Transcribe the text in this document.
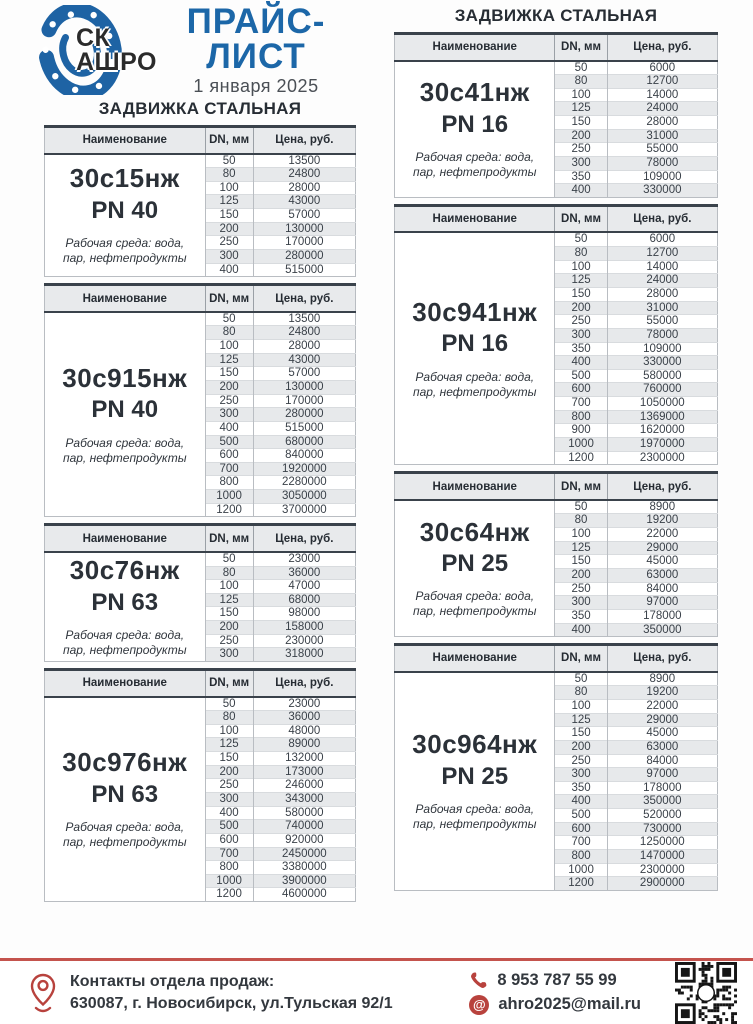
СК
АШРО
ПРАЙС-ЛИСТ
1 января 2025
ЗАДВИЖКА СТАЛЬНАЯ
Наименование	DN, мм	Цена, руб.

30с15нж
PN 40
Рабочая среда: вода, пар, нефтепродукты	50	13500
	80	24800
	100	28000
	125	43000
	150	57000
	200	130000
	250	170000
	300	280000
	400	515000
Наименование	DN, мм	Цена, руб.

30с915нж
PN 40
Рабочая среда: вода, пар, нефтепродукты	50	13500
	80	24800
	100	28000
	125	43000
	150	57000
	200	130000
	250	170000
	300	280000
	400	515000
	500	680000
	600	840000
	700	1920000
	800	2280000
	1000	3050000
	1200	3700000
Наименование	DN, мм	Цена, руб.

30с76нж
PN 63
Рабочая среда: вода, пар, нефтепродукты	50	23000
	80	36000
	100	47000
	125	68000
	150	98000
	200	158000
	250	230000
	300	318000
Наименование	DN, мм	Цена, руб.

30с976нж
PN 63
Рабочая среда: вода, пар, нефтепродукты	50	23000
	80	36000
	100	48000
	125	89000
	150	132000
	200	173000
	250	246000
	300	343000
	400	580000
	500	740000
	600	920000
	700	2450000
	800	3380000
	1000	3900000
	1200	4600000
ЗАДВИЖКА СТАЛЬНАЯ
Наименование	DN, мм	Цена, руб.

30с41нж
PN 16
Рабочая среда: вода, пар, нефтепродукты	50	6000
	80	12700
	100	14000
	125	24000
	150	28000
	200	31000
	250	55000
	300	78000
	350	109000
	400	330000
Наименование	DN, мм	Цена, руб.

30с941нж
PN 16
Рабочая среда: вода, пар, нефтепродукты	50	6000
	80	12700
	100	14000
	125	24000
	150	28000
	200	31000
	250	55000
	300	78000
	350	109000
	400	330000
	500	580000
	600	760000
	700	1050000
	800	1369000
	900	1620000
	1000	1970000
	1200	2300000
Наименование	DN, мм	Цена, руб.

30с64нж
PN 25
Рабочая среда: вода, пар, нефтепродукты	50	8900
	80	19200
	100	22000
	125	29000
	150	45000
	200	63000
	250	84000
	300	97000
	350	178000
	400	350000
Наименование	DN, мм	Цена, руб.

30с964нж
PN 25
Рабочая среда: вода, пар, нефтепродукты	50	8900
	80	19200
	100	22000
	125	29000
	150	45000
	200	63000
	250	84000
	300	97000
	350	178000
	400	350000
	500	520000
	600	730000
	700	1250000
	800	1470000
	1000	2300000
	1200	2900000
Контакты отдела продаж:
630087, г. Новосибирск, ул.Тульская 92/1
8 953 787 55 99
@ ahro2025@mail.ru
